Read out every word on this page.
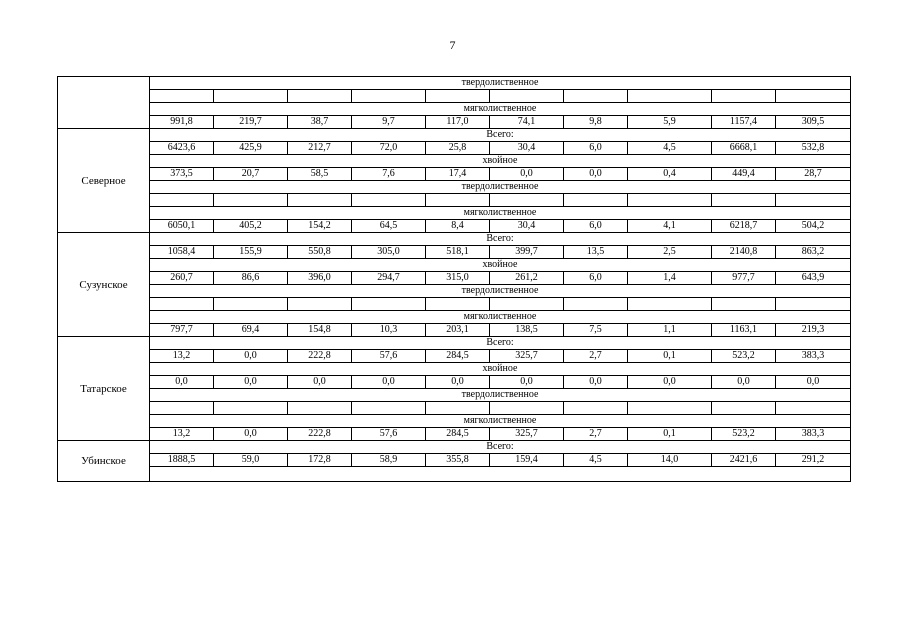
7
	твердолиственное									

	мягколиственное									
	991,8	219,7	38,7	9,7	117,0	74,1	9,8	5,9	1157,4	309,5
Северное	Всего:									
	6423,6	425,9	212,7	72,0	25,8	30,4	6,0	4,5	6668,1	532,8
	хвойное									
	373,5	20,7	58,5	7,6	17,4	0,0	0,0	0,4	449,4	28,7
	твердолиственное									

	мягколиственное									
	6050,1	405,2	154,2	64,5	8,4	30,4	6,0	4,1	6218,7	504,2
Сузунское	Всего:									
	1058,4	155,9	550,8	305,0	518,1	399,7	13,5	2,5	2140,8	863,2
	хвойное									
	260,7	86,6	396,0	294,7	315,0	261,2	6,0	1,4	977,7	643,9
	твердолиственное									

	мягколиственное									
	797,7	69,4	154,8	10,3	203,1	138,5	7,5	1,1	1163,1	219,3
Татарское	Всего:									
	13,2	0,0	222,8	57,6	284,5	325,7	2,7	0,1	523,2	383,3
	хвойное									
	0,0	0,0	0,0	0,0	0,0	0,0	0,0	0,0	0,0	0,0
	твердолиственное									

	мягколиственное									
	13,2	0,0	222,8	57,6	284,5	325,7	2,7	0,1	523,2	383,3
Убинское	Всего:									
	1888,5	59,0	172,8	58,9	355,8	159,4	4,5	14,0	2421,6	291,2
